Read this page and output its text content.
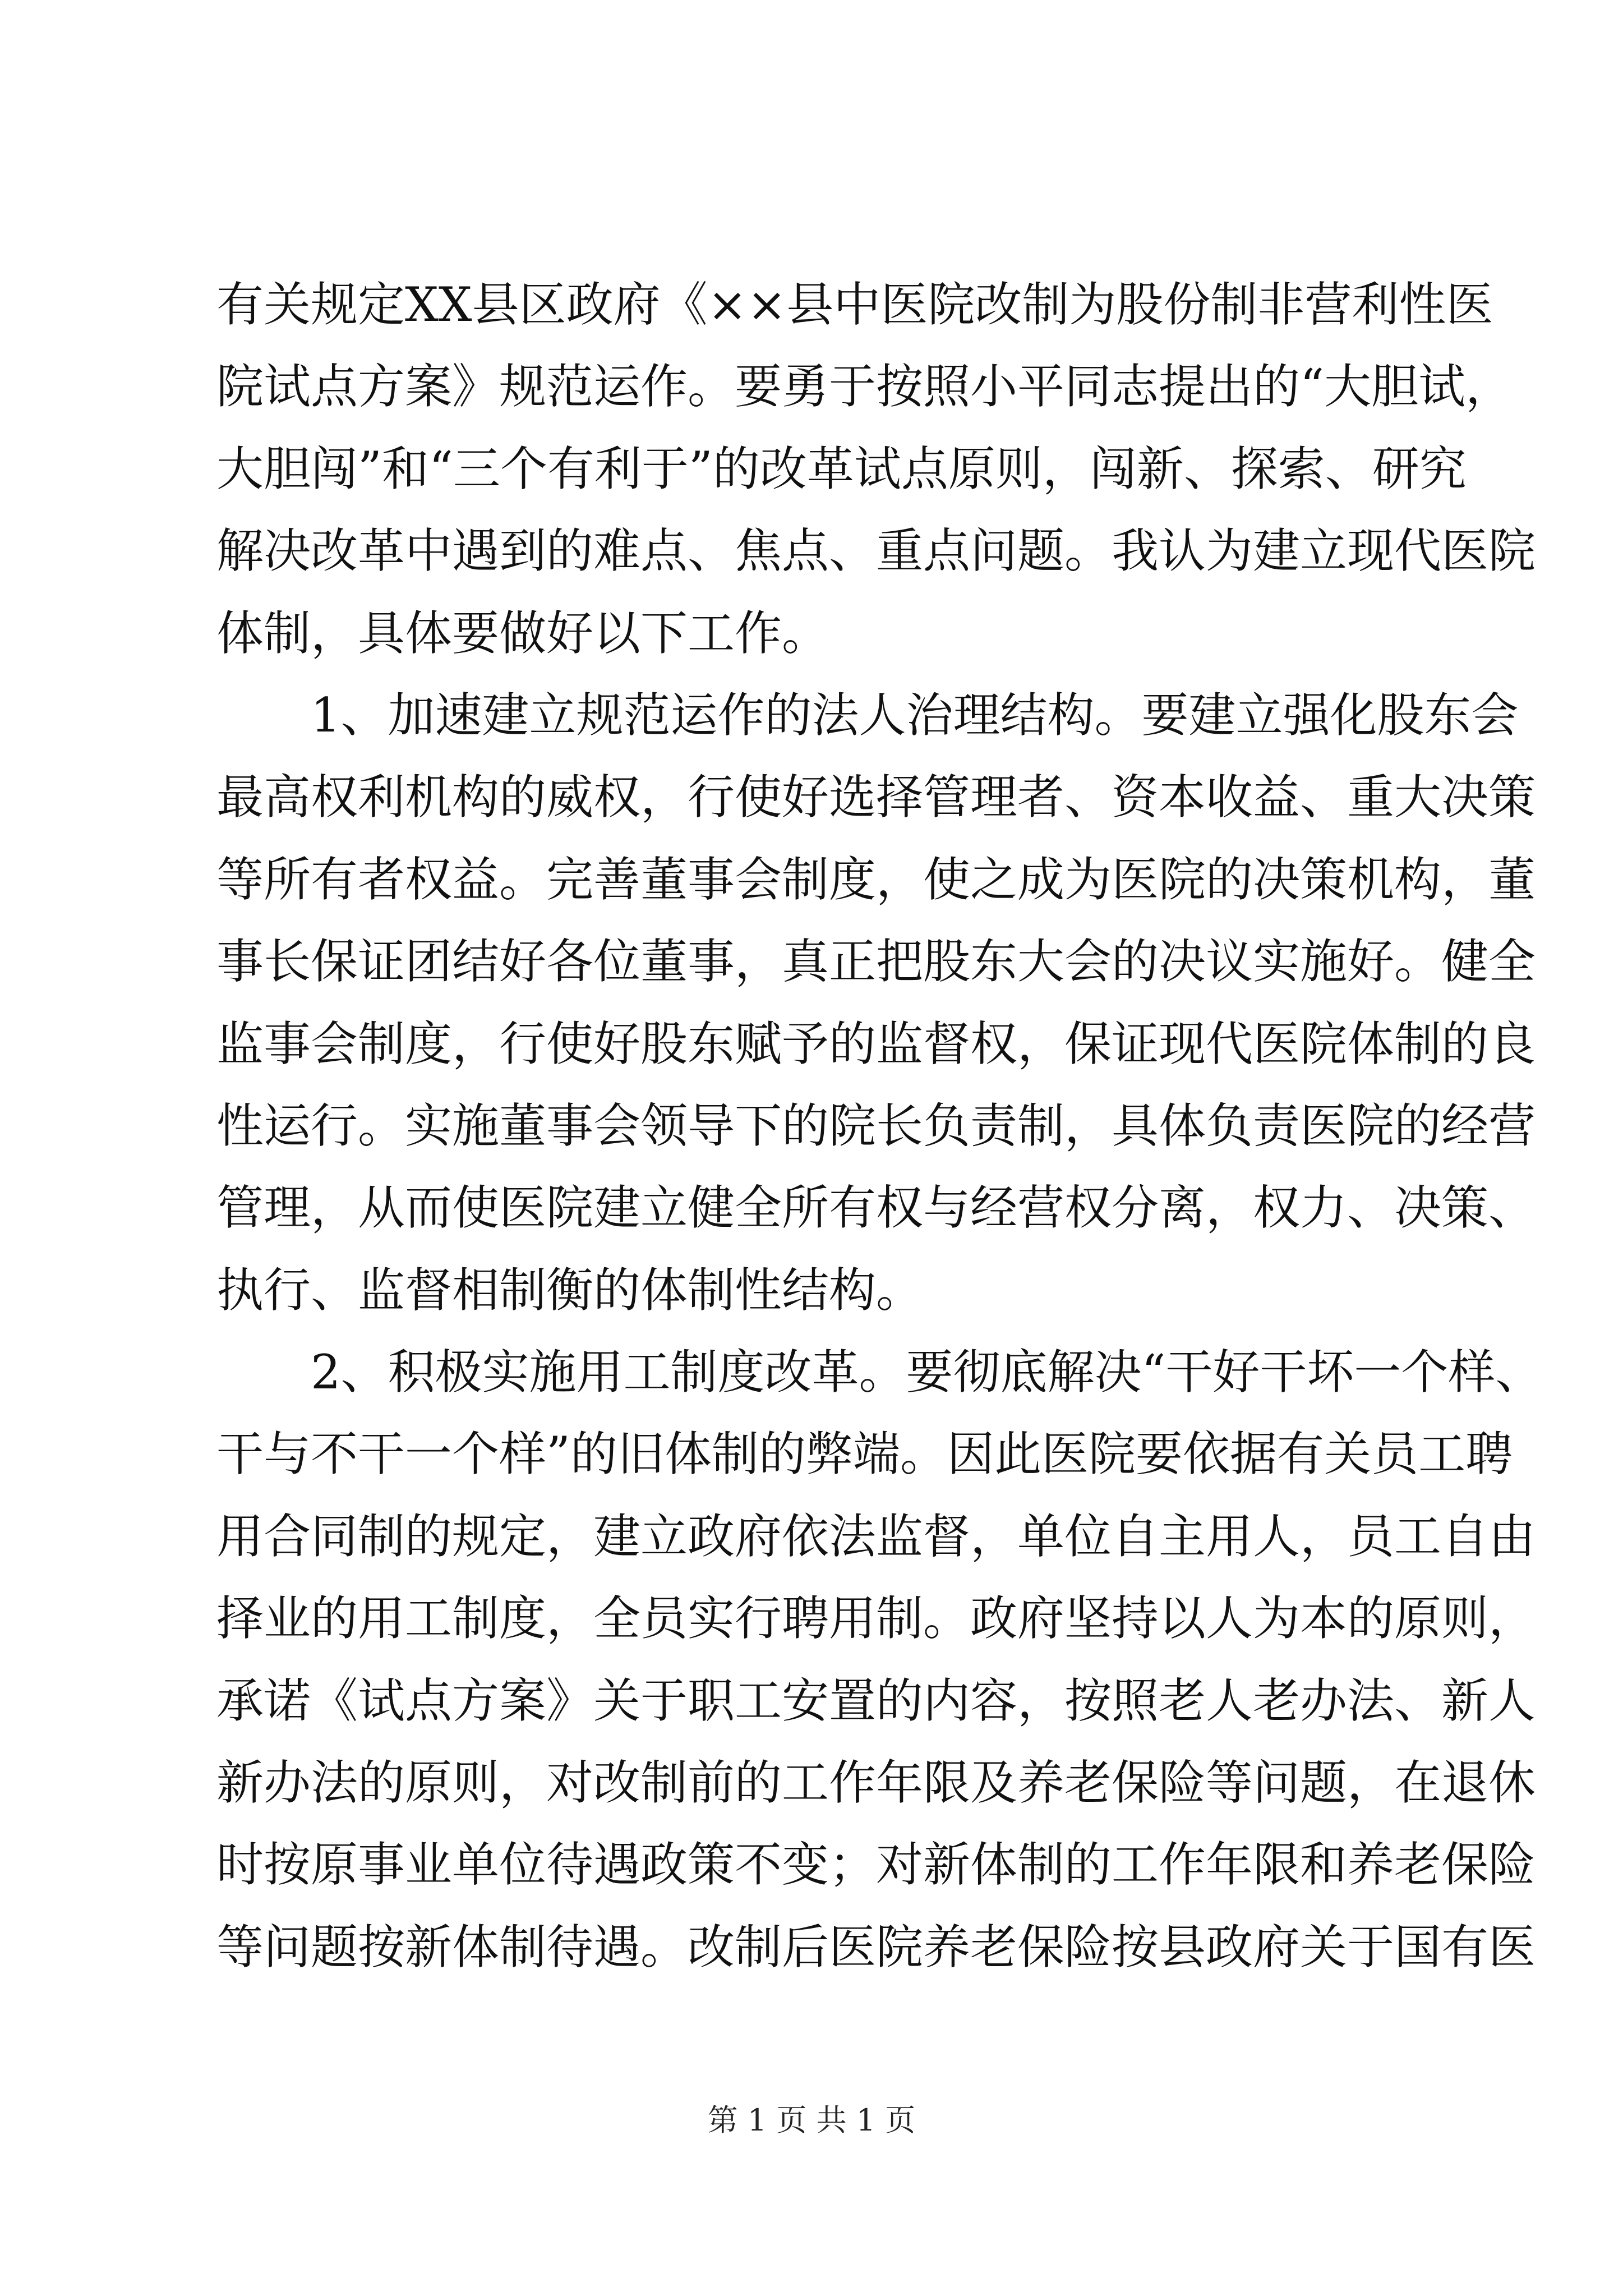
有关规定XX县区政府《××县中医院改制为股份制非营利性医
院试点方案》规范运作。要勇于按照小平同志提出的“大胆试，
大胆闯”和“三个有利于”的改革试点原则，闯新、探索、研究
解决改革中遇到的难点、焦点、重点问题。我认为建立现代医院
体制，具体要做好以下工作。
1、加速建立规范运作的法人治理结构。要建立强化股东会
最高权利机构的威权，行使好选择管理者、资本收益、重大决策
等所有者权益。完善董事会制度，使之成为医院的决策机构，董
事长保证团结好各位董事，真正把股东大会的决议实施好。健全
监事会制度，行使好股东赋予的监督权，保证现代医院体制的良
性运行。实施董事会领导下的院长负责制，具体负责医院的经营
管理，从而使医院建立健全所有权与经营权分离，权力、决策、
执行、监督相制衡的体制性结构。
2、积极实施用工制度改革。要彻底解决“干好干坏一个样、
干与不干一个样”的旧体制的弊端。因此医院要依据有关员工聘
用合同制的规定，建立政府依法监督，单位自主用人，员工自由
择业的用工制度，全员实行聘用制。政府坚持以人为本的原则，
承诺《试点方案》关于职工安置的内容，按照老人老办法、新人
新办法的原则，对改制前的工作年限及养老保险等问题，在退休
时按原事业单位待遇政策不变；对新体制的工作年限和养老保险
等问题按新体制待遇。改制后医院养老保险按县政府关于国有医
第 1 页 共 1 页
